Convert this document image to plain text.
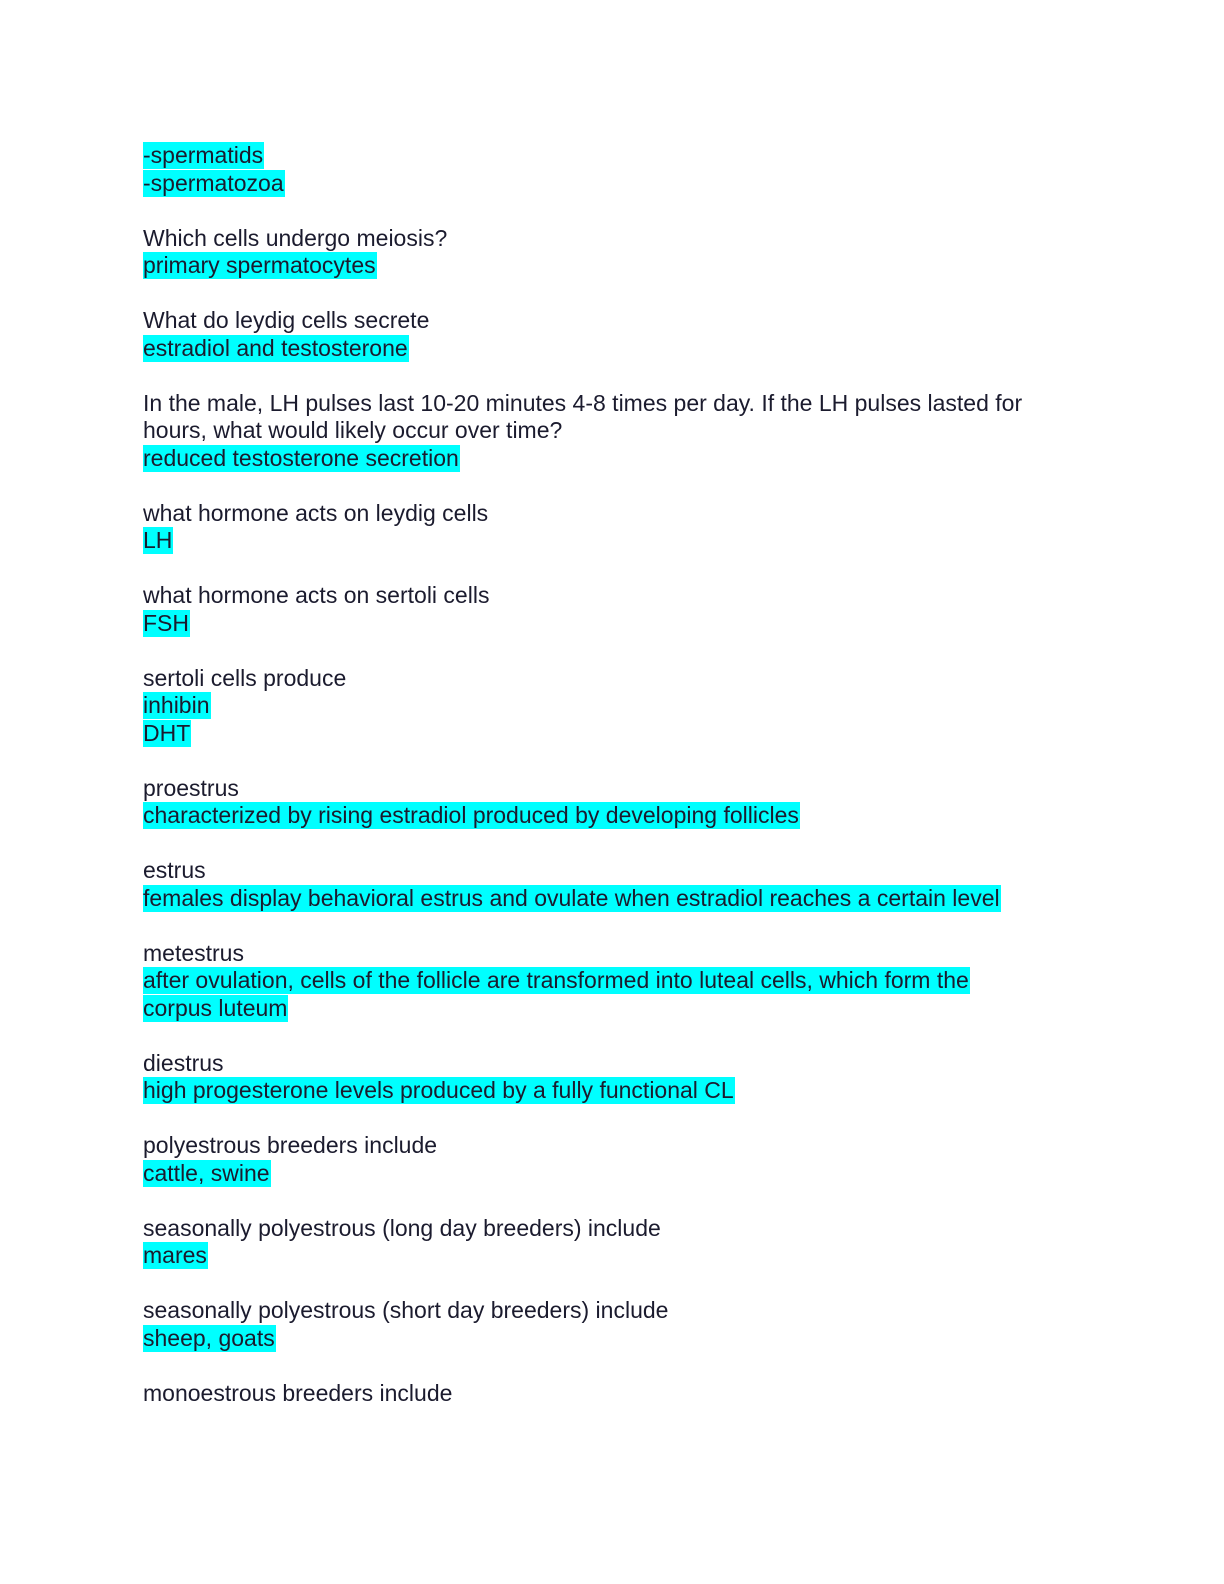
-spermatids
-spermatozoa
Which cells undergo meiosis?
primary spermatocytes
What do leydig cells secrete
estradiol and testosterone
In the male, LH pulses last 10-20 minutes 4-8 times per day. If the LH pulses lasted for hours, what would likely occur over time?
reduced testosterone secretion
what hormone acts on leydig cells
LH
what hormone acts on sertoli cells
FSH
sertoli cells produce
inhibin
DHT
proestrus
characterized by rising estradiol produced by developing follicles
estrus
females display behavioral estrus and ovulate when estradiol reaches a certain level
metestrus
after ovulation, cells of the follicle are transformed into luteal cells, which form the
corpus luteum
diestrus
high progesterone levels produced by a fully functional CL
polyestrous breeders include
cattle, swine
seasonally polyestrous (long day breeders) include
mares
seasonally polyestrous (short day breeders) include
sheep, goats
monoestrous breeders include
